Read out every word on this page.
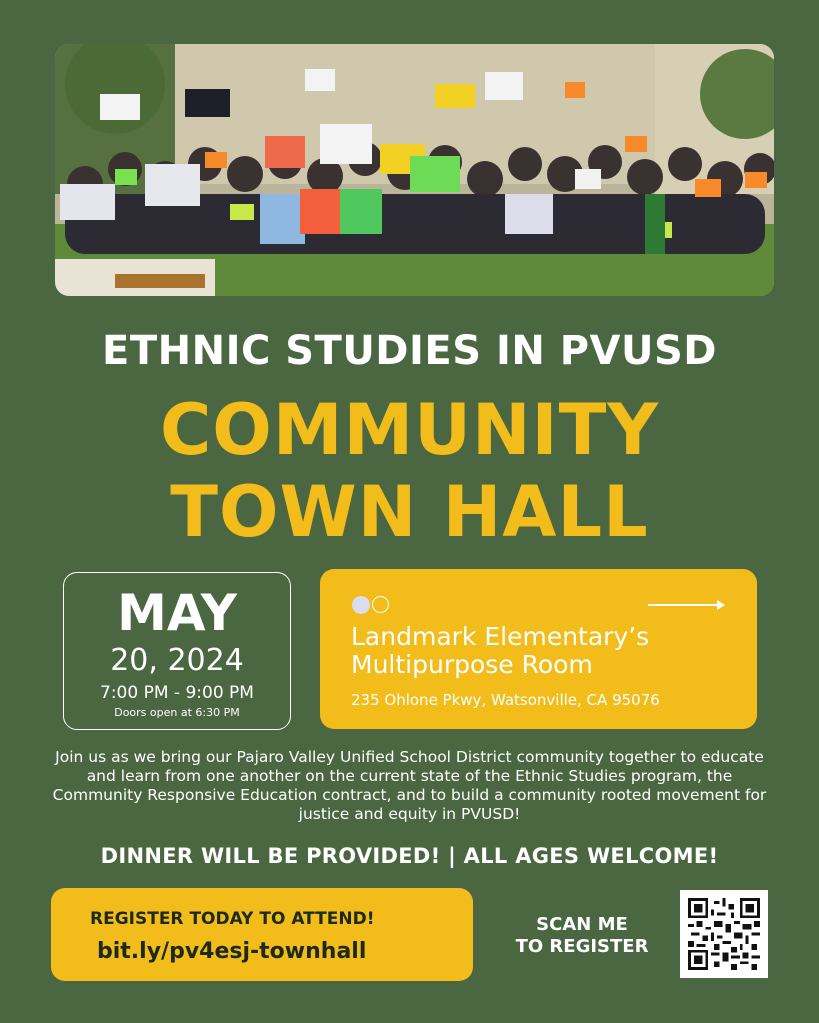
ETHNIC STUDIES IN PVUSD
COMMUNITY
TOWN HALL
MAY
20, 2024
7:00 PM - 9:00 PM
Doors open at 6:30 PM
Landmark Elementary’s
Multipurpose Room
235 Ohlone Pkwy, Watsonville, CA 95076

Join us as we bring our Pajaro Valley Unified School District community together to educate and learn from one another on the current state of the Ethnic Studies program, the Community Responsive Education contract, and to build a community rooted movement for justice and equity in PVUSD!

DINNER WILL BE PROVIDED! | ALL AGES WELCOME!

REGISTER TODAY TO ATTEND!
bit.ly/pv4esj-townhall
SCAN ME
TO REGISTER
